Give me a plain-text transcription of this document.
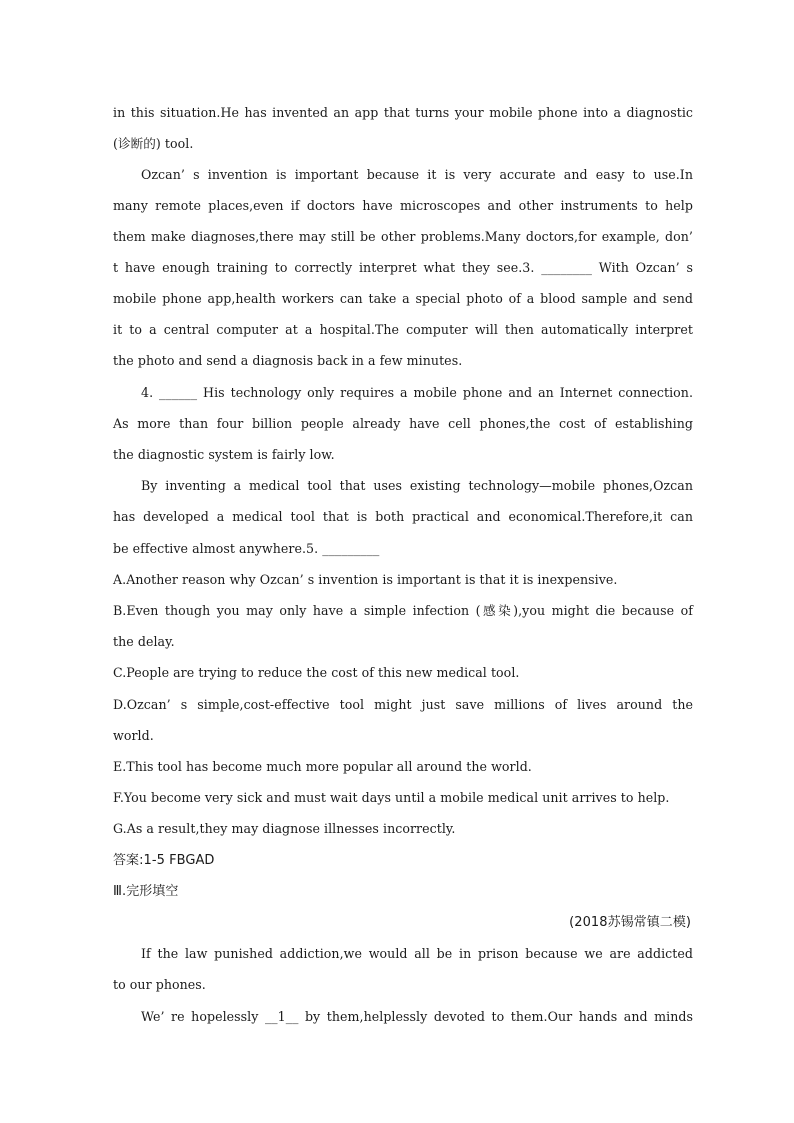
in this situation.He has invented an app that turns your mobile phone into a diagnostic
(诊断的) tool.
Ozcan’ s invention is important because it is very accurate and easy to use.In
many remote places,even if doctors have microscopes and other instruments to help
them make diagnoses,there may still be other problems.Many doctors,for example, don’
t have enough training to correctly interpret what they see.3. ________ With Ozcan’ s
mobile phone app,health workers can take a special photo of a blood sample and send
it to a central computer at a hospital.The computer will then automatically interpret
the photo and send a diagnosis back in a few minutes.
4. ______ His technology only requires a mobile phone and an Internet connection.
As more than four billion people already have cell phones,the cost of establishing
the diagnostic system is fairly low.
By inventing a medical tool that uses existing technology—mobile phones,Ozcan
has developed a medical tool that is both practical and economical.Therefore,it can
be effective almost anywhere.5. _________
A.Another reason why Ozcan’ s invention is important is that it is inexpensive.
B.Even though you may only have a simple infection (感染),you might die because of
the delay.
C.People are trying to reduce the cost of this new medical tool.
D.Ozcan’ s simple,cost-effective tool might just save millions of lives around the
world.
E.This tool has become much more popular all around the world.
F.You become very sick and must wait days until a mobile medical unit arrives to help.
G.As a result,they may diagnose illnesses incorrectly.
答案:1-5 FBGAD
Ⅲ.完形填空
(2018苏锡常镇二模)
If the law punished addiction,we would all be in prison because we are addicted
to our phones.
We’ re hopelessly __1__ by them,helplessly devoted to them.Our hands and minds
